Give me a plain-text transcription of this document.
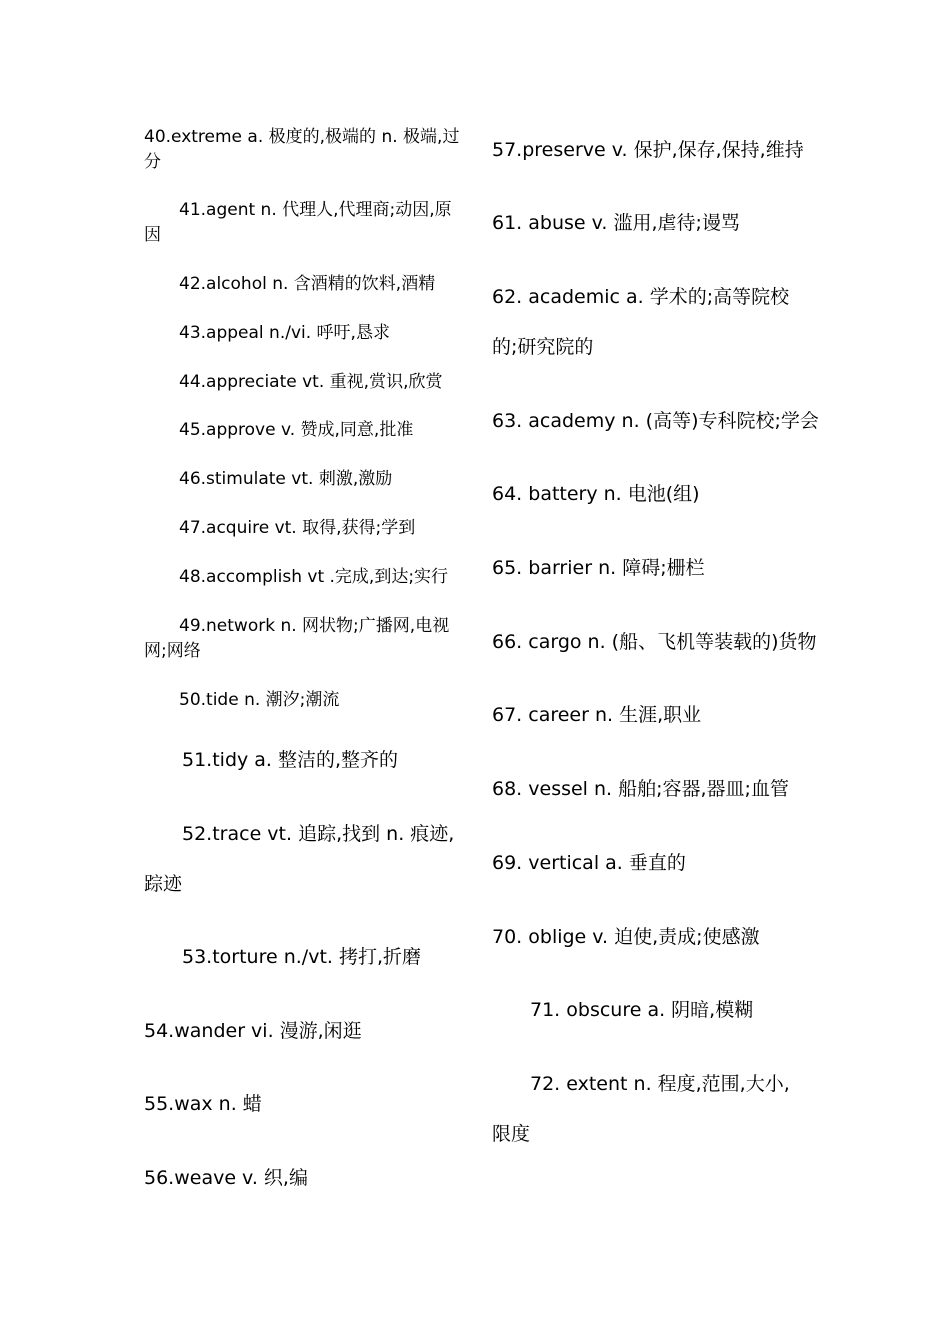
40.extreme a. 极度的,极端的 n. 极端,过分
41.agent n. 代理人,代理商;动因,原因
42.alcohol n. 含酒精的饮料,酒精
43.appeal n./vi. 呼吁,恳求
44.appreciate vt. 重视,赏识,欣赏
45.approve v. 赞成,同意,批准
46.stimulate vt. 刺激,激励
47.acquire vt. 取得,获得;学到
48.accomplish vt .完成,到达;实行
49.network n. 网状物;广播网,电视网;网络
50.tide n. 潮汐;潮流
51.tidy a. 整洁的,整齐的
52.trace vt. 追踪,找到 n. 痕迹,踪迹
53.torture n./vt. 拷打,折磨
54.wander vi. 漫游,闲逛
55.wax n. 蜡
56.weave v. 织,编
57.preserve v. 保护,保存,保持,维持
61. abuse v. 滥用,虐待;谩骂
62. academic a. 学术的;高等院校的;研究院的
63. academy n. (高等)专科院校;学会
64. battery n. 电池(组)
65. barrier n. 障碍;栅栏
66. cargo n. (船、飞机等装载的)货物
67. career n. 生涯,职业
68. vessel n. 船舶;容器,器皿;血管
69. vertical a. 垂直的
70. oblige v. 迫使,责成;使感激
71. obscure a. 阴暗,模糊
72. extent n. 程度,范围,大小,限度
